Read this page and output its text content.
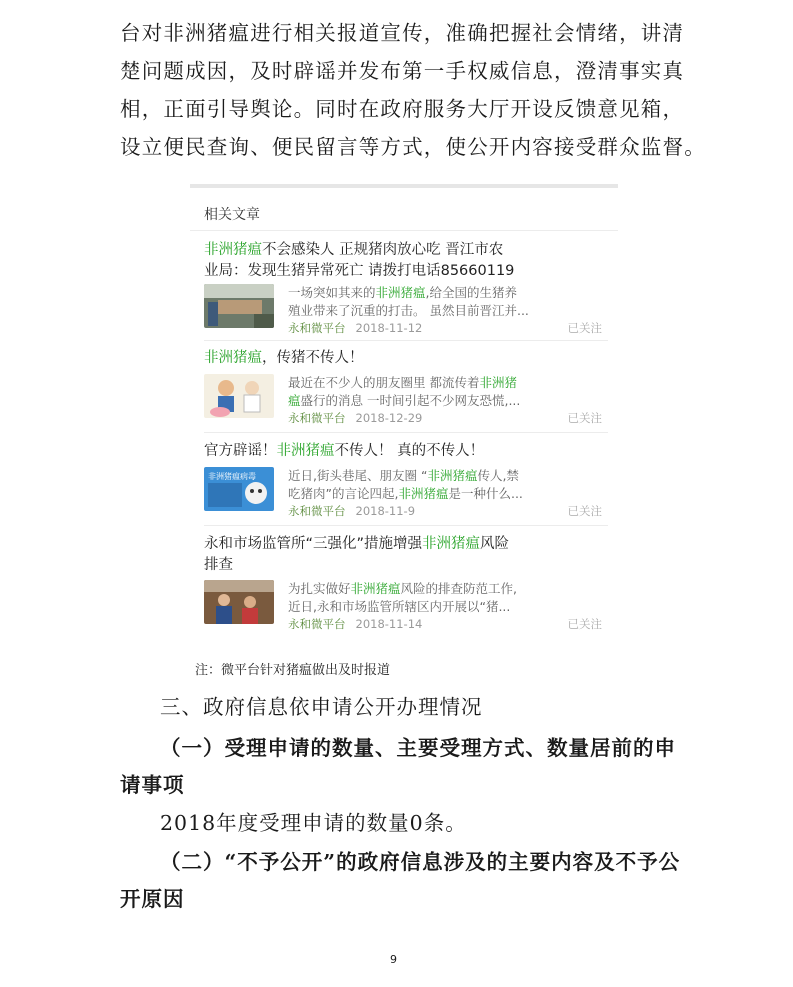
台对非洲猪瘟进行相关报道宣传，准确把握社会情绪，讲清
楚问题成因，及时辟谣并发布第一手权威信息，澄清事实真
相，正面引导舆论。同时在政府服务大厅开设反馈意见箱，
设立便民查询、便民留言等方式，使公开内容接受群众监督。
相关文章
非洲猪瘟不会感染人 正规猪肉放心吃 晋江市农
业局：发现生猪异常死亡 请拨打电话85660119
一场突如其来的非洲猪瘟,给全国的生猪养
殖业带来了沉重的打击。 虽然目前晋江并...
永和微平台 2018-11-12	已关注
非洲猪瘟，传猪不传人！
最近在不少人的朋友圈里 都流传着非洲猪
瘟盛行的消息 一时间引起不少网友恐慌,...
永和微平台 2018-12-29	已关注
官方辟谣！非洲猪瘟不传人！ 真的不传人！
非洲猪瘟病毒	近日,街头巷尾、朋友圈 “非洲猪瘟传人,禁
吃猪肉”的言论四起,非洲猪瘟是一种什么...
永和微平台 2018-11-9	已关注
永和市场监管所“三强化”措施增强非洲猪瘟风险
排查
为扎实做好非洲猪瘟风险的排查防范工作,
近日,永和市场监管所辖区内开展以“猪...
永和微平台 2018-11-14	已关注
注：微平台针对猪瘟做出及时报道
三、政府信息依申请公开办理情况
（一）受理申请的数量、主要受理方式、数量居前的申
请事项
2018年度受理申请的数量0条。
（二）“不予公开”的政府信息涉及的主要内容及不予公
开原因
9
